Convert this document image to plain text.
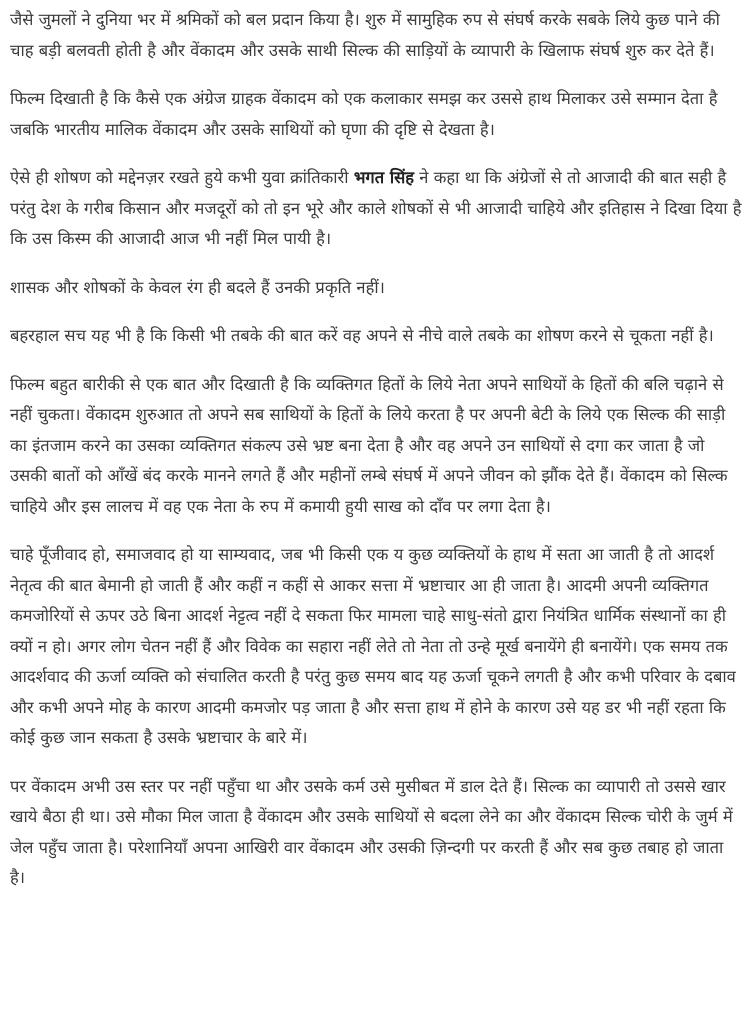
जैसे जुमलों ने दुनिया भर में श्रमिकों को बल प्रदान किया है। शुरु में सामुहिक रुप से संघर्ष करके सबके लिये कुछ पाने की चाह बड़ी बलवती होती है और वेंकादम और उसके साथी सिल्क की साड़ियों के व्यापारी के खिलाफ संघर्ष शुरु कर देते हैं।

फिल्म दिखाती है कि कैसे एक अंग्रेज ग्राहक वेंकादम को एक कलाकार समझ कर उससे हाथ मिलाकर उसे सम्मान देता है जबकि भारतीय मालिक वेंकादम और उसके साथियों को घृणा की दृष्टि से देखता है।

ऐसे ही शोषण को मद्देनज़र रखते हुये कभी युवा क्रांतिकारी भगत सिंह ने कहा था कि अंग्रेजों से तो आजादी की बात सही है परंतु देश के गरीब किसान और मजदूरों को तो इन भूरे और काले शोषकों से भी आजादी चाहिये और इतिहास ने दिखा दिया है कि उस किस्म की आजादी आज भी नहीं मिल पायी है।

शासक और शोषकों के केवल रंग ही बदले हैं उनकी प्रकृति नहीं।

बहरहाल सच यह भी है कि किसी भी तबके की बात करें वह अपने से नीचे वाले तबके का शोषण करने से चूकता नहीं है।

फिल्म बहुत बारीकी से एक बात और दिखाती है कि व्यक्तिगत हितों के लिये नेता अपने साथियों के हितों की बलि चढ़ाने से नहीं चुकता। वेंकादम शुरुआत तो अपने सब साथियों के हितों के लिये करता है पर अपनी बेटी के लिये एक सिल्क की साड़ी का इंतजाम करने का उसका व्यक्तिगत संकल्प उसे भ्रष्ट बना देता है और वह अपने उन साथियों से दगा कर जाता है जो उसकी बातों को आँखें बंद करके मानने लगते हैं और महीनों लम्बे संघर्ष में अपने जीवन को झौंक देते हैं। वेंकादम को सिल्क चाहिये और इस लालच में वह एक नेता के रुप में कमायी हुयी साख को दाँव पर लगा देता है।

चाहे पूँजीवाद हो, समाजवाद हो या साम्यवाद, जब भी किसी एक य कुछ व्यक्तियों के हाथ में सता आ जाती है तो आदर्श नेतृत्व की बात बेमानी हो जाती हैं और कहीं न कहीं से आकर सत्ता में भ्रष्टाचार आ ही जाता है। आदमी अपनी व्यक्तिगत कमजोरियों से ऊपर उठे बिना आदर्श नेट्टत्व नहीं दे सकता फिर मामला चाहे साधु-संतो द्वारा नियंत्रित धार्मिक संस्थानों का ही क्यों न हो। अगर लोग चेतन नहीं हैं और विवेक का सहारा नहीं लेते तो नेता तो उन्हे मूर्ख बनायेंगे ही बनायेंगे। एक समय तक आदर्शवाद की ऊर्जा व्यक्ति को संचालित करती है परंतु कुछ समय बाद यह ऊर्जा चूकने लगती है और कभी परिवार के दबाव और कभी अपने मोह के कारण आदमी कमजोर पड़ जाता है और सत्ता हाथ में होने के कारण उसे यह डर भी नहीं रहता कि कोई कुछ जान सकता है उसके भ्रष्टाचार के बारे में।

पर वेंकादम अभी उस स्तर पर नहीं पहुँचा था और उसके कर्म उसे मुसीबत में डाल देते हैं। सिल्क का व्यापारी तो उससे खार खाये बैठा ही था। उसे मौका मिल जाता है वेंकादम और उसके साथियों से बदला लेने का और वेंकादम सिल्क चोरी के जुर्म में जेल पहुँच जाता है। परेशानियाँ अपना आखिरी वार वेंकादम और उसकी ज़िन्दगी पर करती हैं और सब कुछ तबाह हो जाता है।
